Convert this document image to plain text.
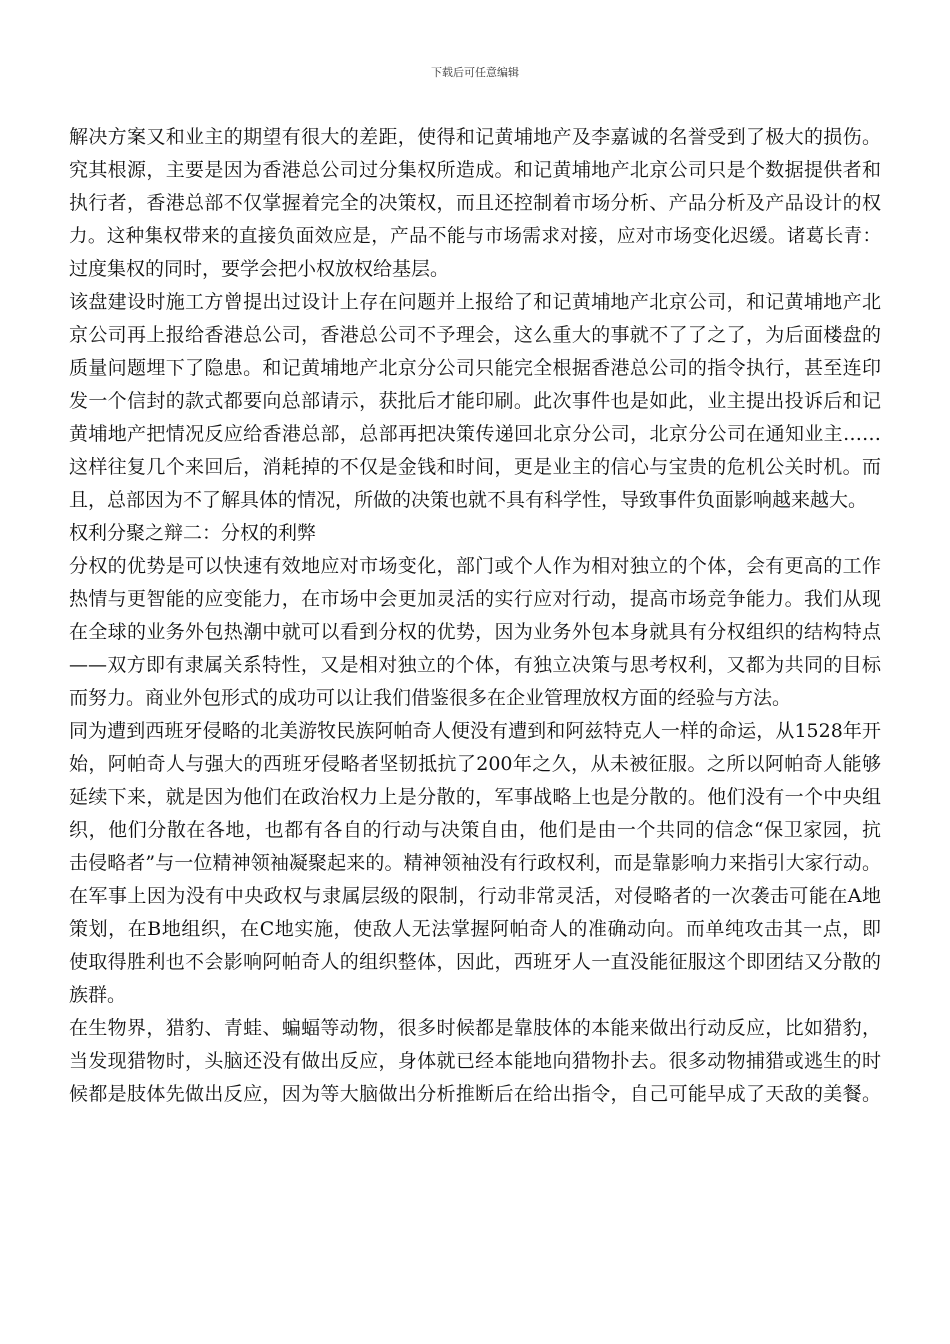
下载后可任意编辑
解决方案又和业主的期望有很大的差距，使得和记黄埔地产及李嘉诚的名誉受到了极大的损伤。
究其根源，主要是因为香港总公司过分集权所造成。和记黄埔地产北京公司只是个数据提供者和
执行者，香港总部不仅掌握着完全的决策权，而且还控制着市场分析、产品分析及产品设计的权
力。这种集权带来的直接负面效应是，产品不能与市场需求对接，应对市场变化迟缓。诸葛长青：
过度集权的同时，要学会把小权放权给基层。
该盘建设时施工方曾提出过设计上存在问题并上报给了和记黄埔地产北京公司，和记黄埔地产北
京公司再上报给香港总公司，香港总公司不予理会，这么重大的事就不了了之了，为后面楼盘的
质量问题埋下了隐患。和记黄埔地产北京分公司只能完全根据香港总公司的指令执行，甚至连印
发一个信封的款式都要向总部请示，获批后才能印刷。此次事件也是如此，业主提出投诉后和记
黄埔地产把情况反应给香港总部，总部再把决策传递回北京分公司，北京分公司在通知业主……
这样往复几个来回后，消耗掉的不仅是金钱和时间，更是业主的信心与宝贵的危机公关时机。而
且，总部因为不了解具体的情况，所做的决策也就不具有科学性，导致事件负面影响越来越大。
权利分聚之辩二：分权的利弊
分权的优势是可以快速有效地应对市场变化，部门或个人作为相对独立的个体，会有更高的工作
热情与更智能的应变能力，在市场中会更加灵活的实行应对行动，提高市场竞争能力。我们从现
在全球的业务外包热潮中就可以看到分权的优势，因为业务外包本身就具有分权组织的结构特点
——双方即有隶属关系特性，又是相对独立的个体，有独立决策与思考权利，又都为共同的目标
而努力。商业外包形式的成功可以让我们借鉴很多在企业管理放权方面的经验与方法。
同为遭到西班牙侵略的北美游牧民族阿帕奇人便没有遭到和阿兹特克人一样的命运，从1528年开
始，阿帕奇人与强大的西班牙侵略者坚韧抵抗了200年之久，从未被征服。之所以阿帕奇人能够
延续下来，就是因为他们在政治权力上是分散的，军事战略上也是分散的。他们没有一个中央组
织，他们分散在各地，也都有各自的行动与决策自由，他们是由一个共同的信念“保卫家园，抗
击侵略者”与一位精神领袖凝聚起来的。精神领袖没有行政权利，而是靠影响力来指引大家行动。
在军事上因为没有中央政权与隶属层级的限制，行动非常灵活，对侵略者的一次袭击可能在A地
策划，在B地组织，在C地实施，使敌人无法掌握阿帕奇人的准确动向。而单纯攻击其一点，即
使取得胜利也不会影响阿帕奇人的组织整体，因此，西班牙人一直没能征服这个即团结又分散的
族群。
在生物界，猎豹、青蛙、蝙蝠等动物，很多时候都是靠肢体的本能来做出行动反应，比如猎豹，
当发现猎物时，头脑还没有做出反应，身体就已经本能地向猎物扑去。很多动物捕猎或逃生的时
候都是肢体先做出反应，因为等大脑做出分析推断后在给出指令，自己可能早成了天敌的美餐。
